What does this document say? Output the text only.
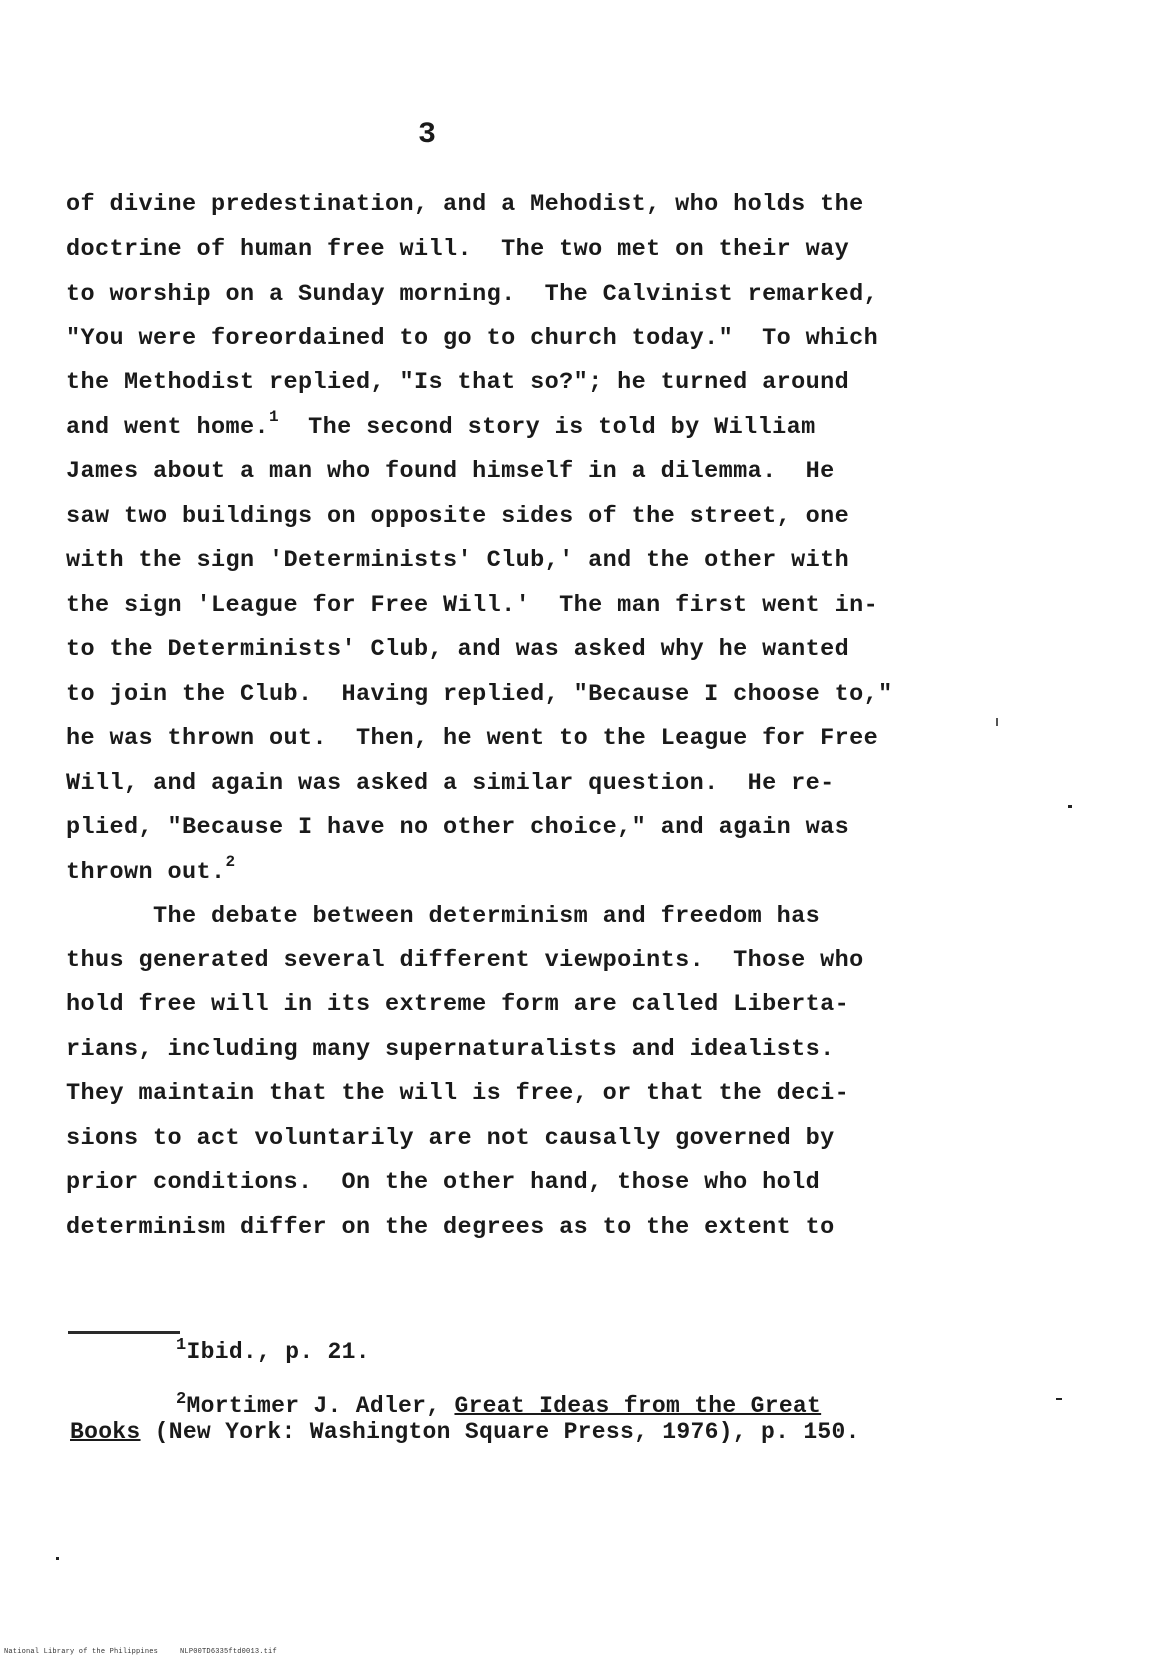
3
of divine predestination, and a Mehodist, who holds the
doctrine of human free will.  The two met on their way
to worship on a Sunday morning.  The Calvinist remarked,
"You were foreordained to go to church today."  To which
the Methodist replied, "Is that so?"; he turned around
and went home.$^1$  The second story is told by William
James about a man who found himself in a dilemma.  He
saw two buildings on opposite sides of the street, one
with the sign 'Determinists' Club,' and the other with
the sign 'League for Free Will.'  The man first went in-
to the Determinists' Club, and was asked why he wanted
to join the Club.  Having replied, "Because I choose to,"
he was thrown out.  Then, he went to the League for Free
Will, and again was asked a similar question.  He re-
plied, "Because I have no other choice," and again was
thrown out.$^2$
The debate between determinism and freedom has
thus generated several different viewpoints.  Those who
hold free will in its extreme form are called Liberta-
rians, including many supernaturalists and idealists.
They maintain that the will is free, or that the deci-
sions to act voluntarily are not causally governed by
prior conditions.  On the other hand, those who hold
determinism differ on the degrees as to the extent to
$^1$Ibid., p. 21.
$^2$Mortimer J. Adler, Great Ideas from the Great
Books (New York: Washington Square Press, 1976), p. 150.
National Library of the Philippines     NLP00TD6335ftd0013.tif
